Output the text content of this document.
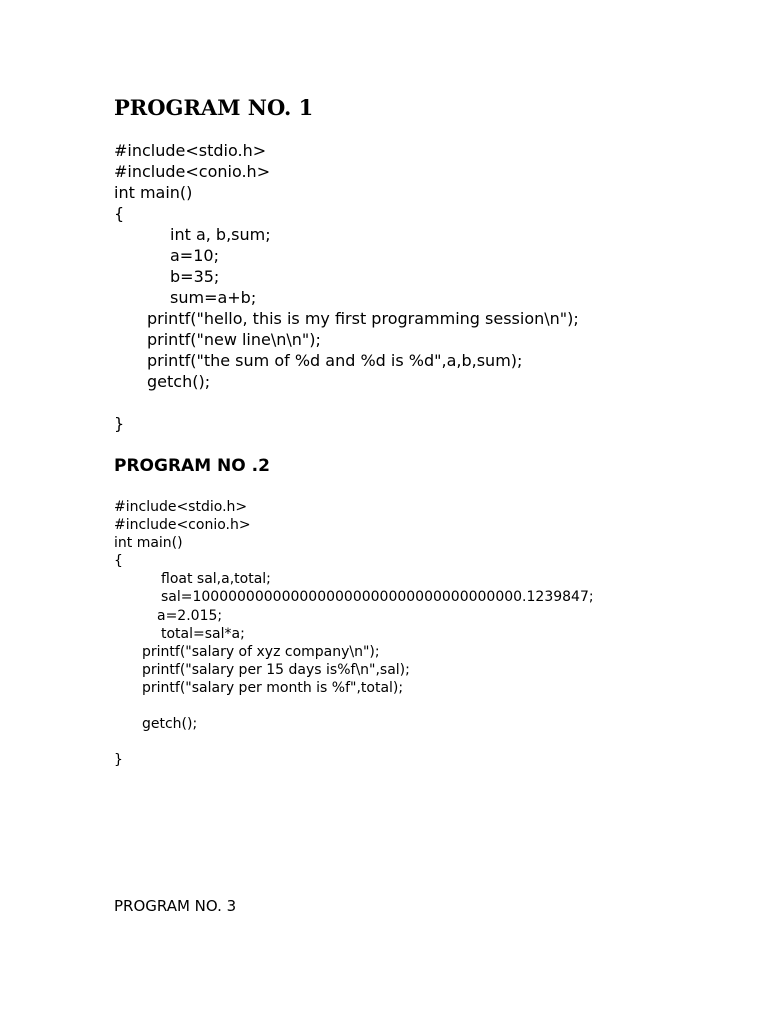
PROGRAM NO. 1
#include<stdio.h>
#include<conio.h>
int main()
{
int a, b,sum;
a=10;
b=35;
sum=a+b;
printf("hello, this is my first programming session\n");
printf("new line\n\n");
printf("the sum of %d and %d is %d",a,b,sum);
getch();

}
PROGRAM NO .2
#include<stdio.h>
#include<conio.h>
int main()
{
float sal,a,total;
sal=1000000000000000000000000000000000000.1239847;
a=2.015;
total=sal*a;
printf("salary of xyz company\n");
printf("salary per 15 days is%f\n",sal);
printf("salary per month is %f",total);

getch();

}
PROGRAM NO. 3
